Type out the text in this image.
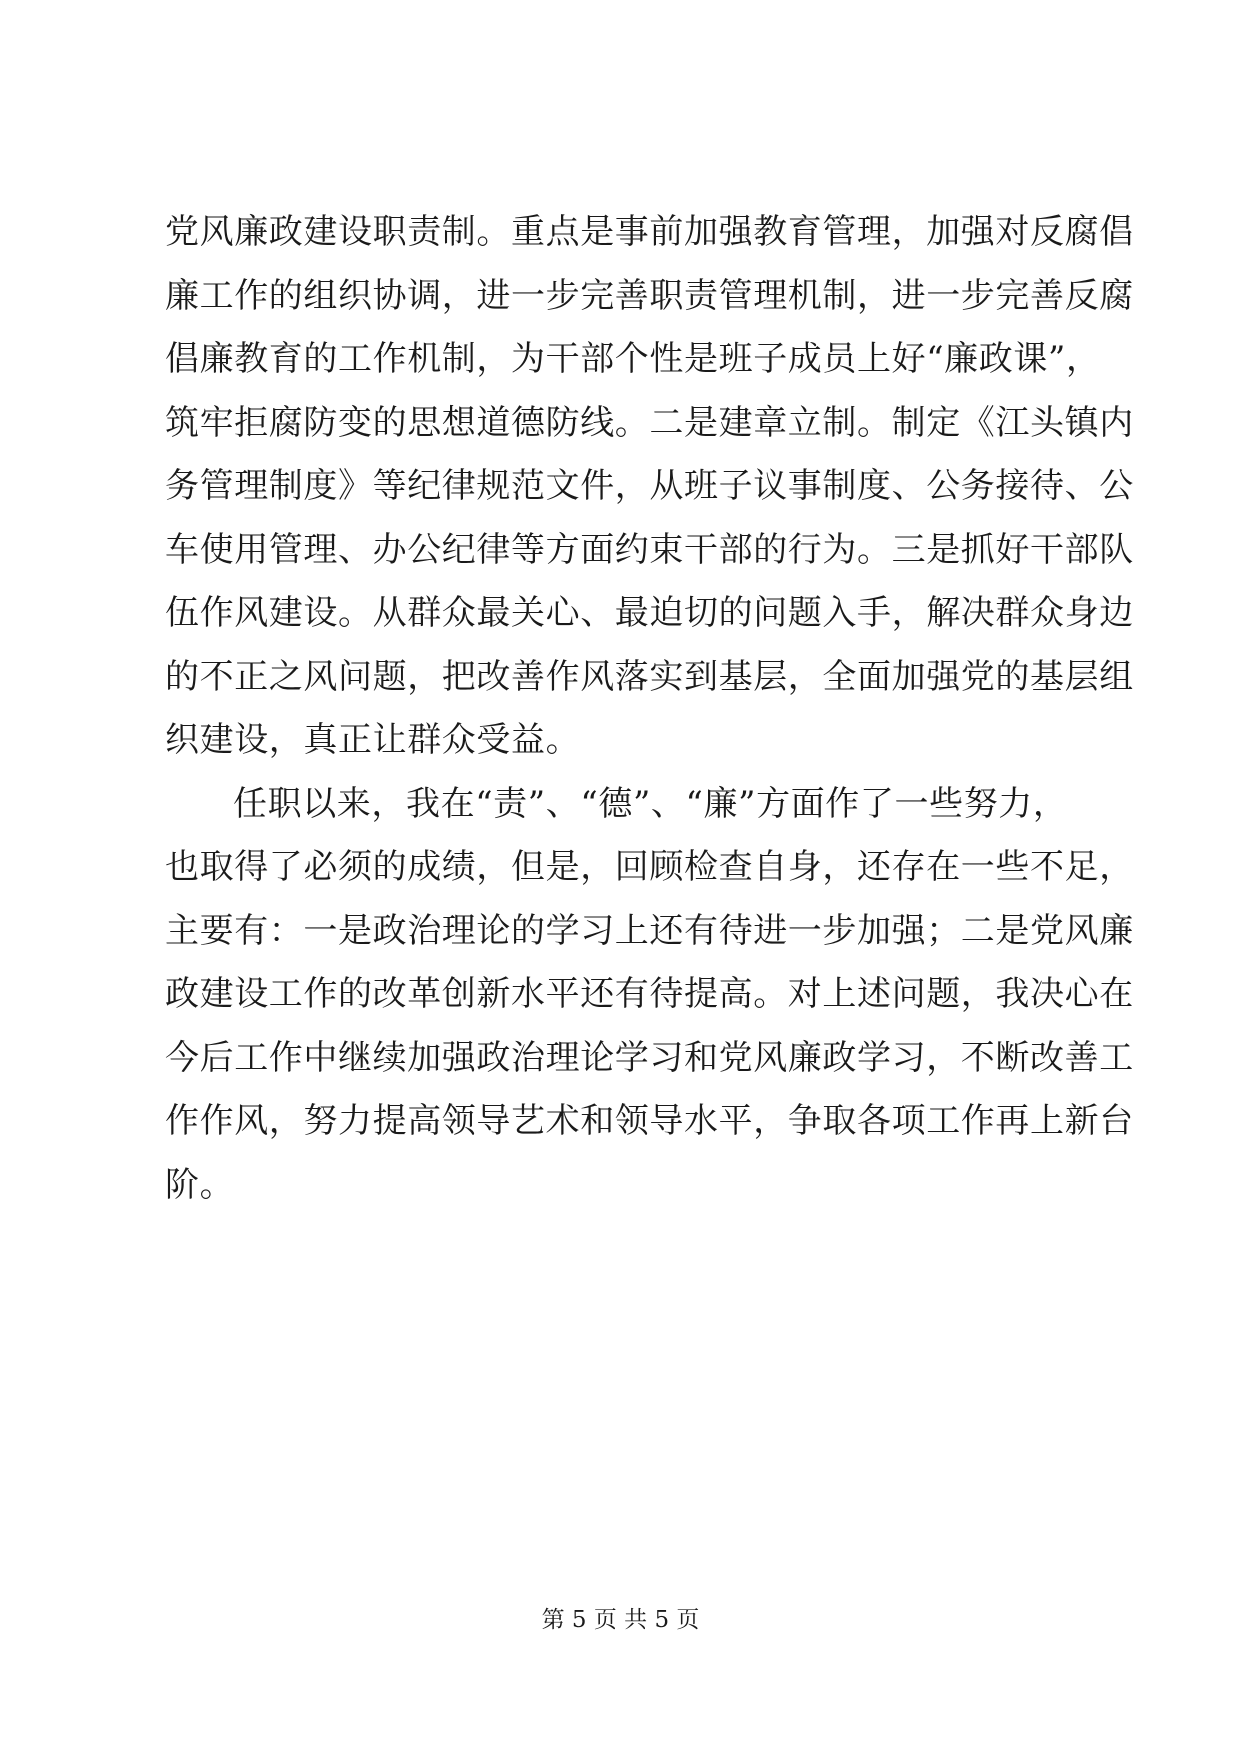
党风廉政建设职责制。重点是事前加强教育管理，加强对反腐倡
廉工作的组织协调，进一步完善职责管理机制，进一步完善反腐
倡廉教育的工作机制，为干部个性是班子成员上好“廉政课”，
筑牢拒腐防变的思想道德防线。二是建章立制。制定《江头镇内
务管理制度》等纪律规范文件，从班子议事制度、公务接待、公
车使用管理、办公纪律等方面约束干部的行为。三是抓好干部队
伍作风建设。从群众最关心、最迫切的问题入手，解决群众身边
的不正之风问题，把改善作风落实到基层，全面加强党的基层组
织建设，真正让群众受益。
任职以来，我在“责”、“德”、“廉”方面作了一些努力，
也取得了必须的成绩，但是，回顾检查自身，还存在一些不足，
主要有：一是政治理论的学习上还有待进一步加强；二是党风廉
政建设工作的改革创新水平还有待提高。对上述问题，我决心在
今后工作中继续加强政治理论学习和党风廉政学习，不断改善工
作作风，努力提高领导艺术和领导水平，争取各项工作再上新台
阶。
第 5 页 共 5 页
